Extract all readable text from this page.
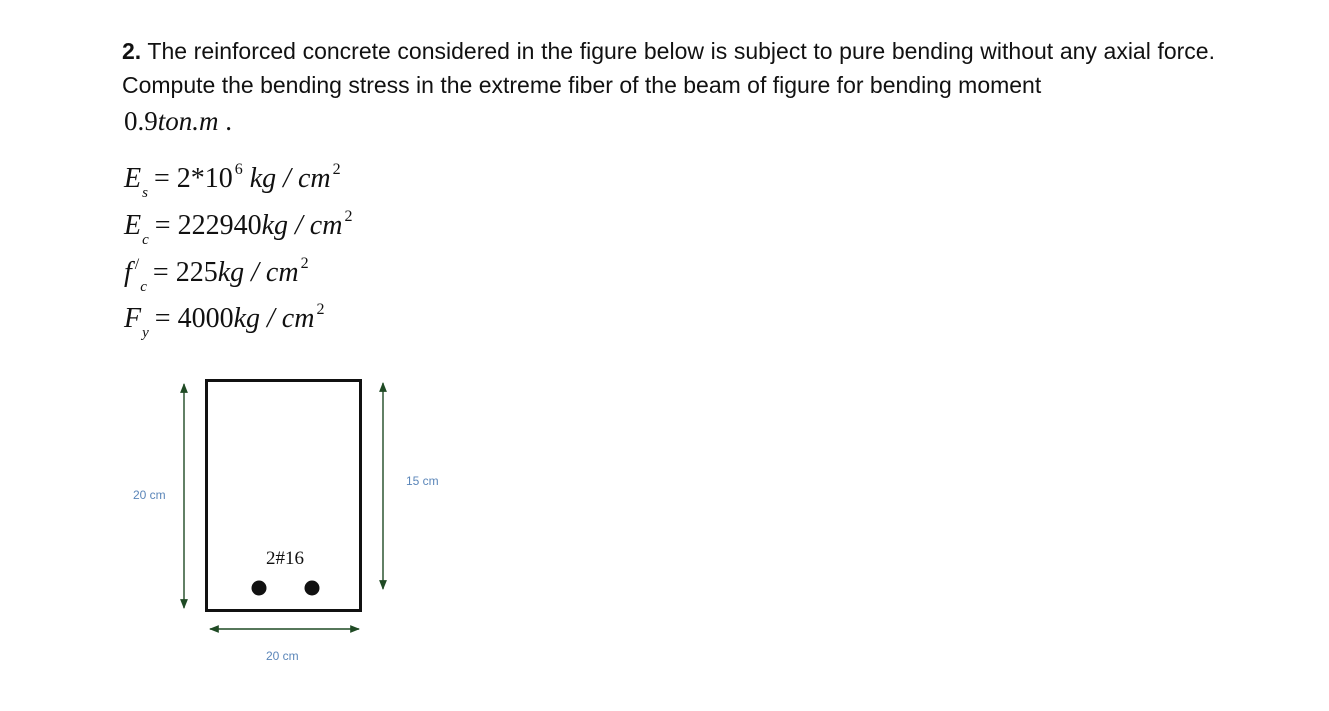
2. The reinforced concrete considered in the figure below is subject to pure bending without any axial force. Compute the bending stress in the extreme fiber of the beam of figure for bending moment
0.9ton.m .
$E_s = 2*10$ $^6$ kg / cm $^2$
$E_c = 222940kg$ / cm $^2$
f /$_c$ = 225kg / cm $^2$
$F_y = 4000kg$ / cm $^2$
20 cm
15 cm
20 cm
2#16
